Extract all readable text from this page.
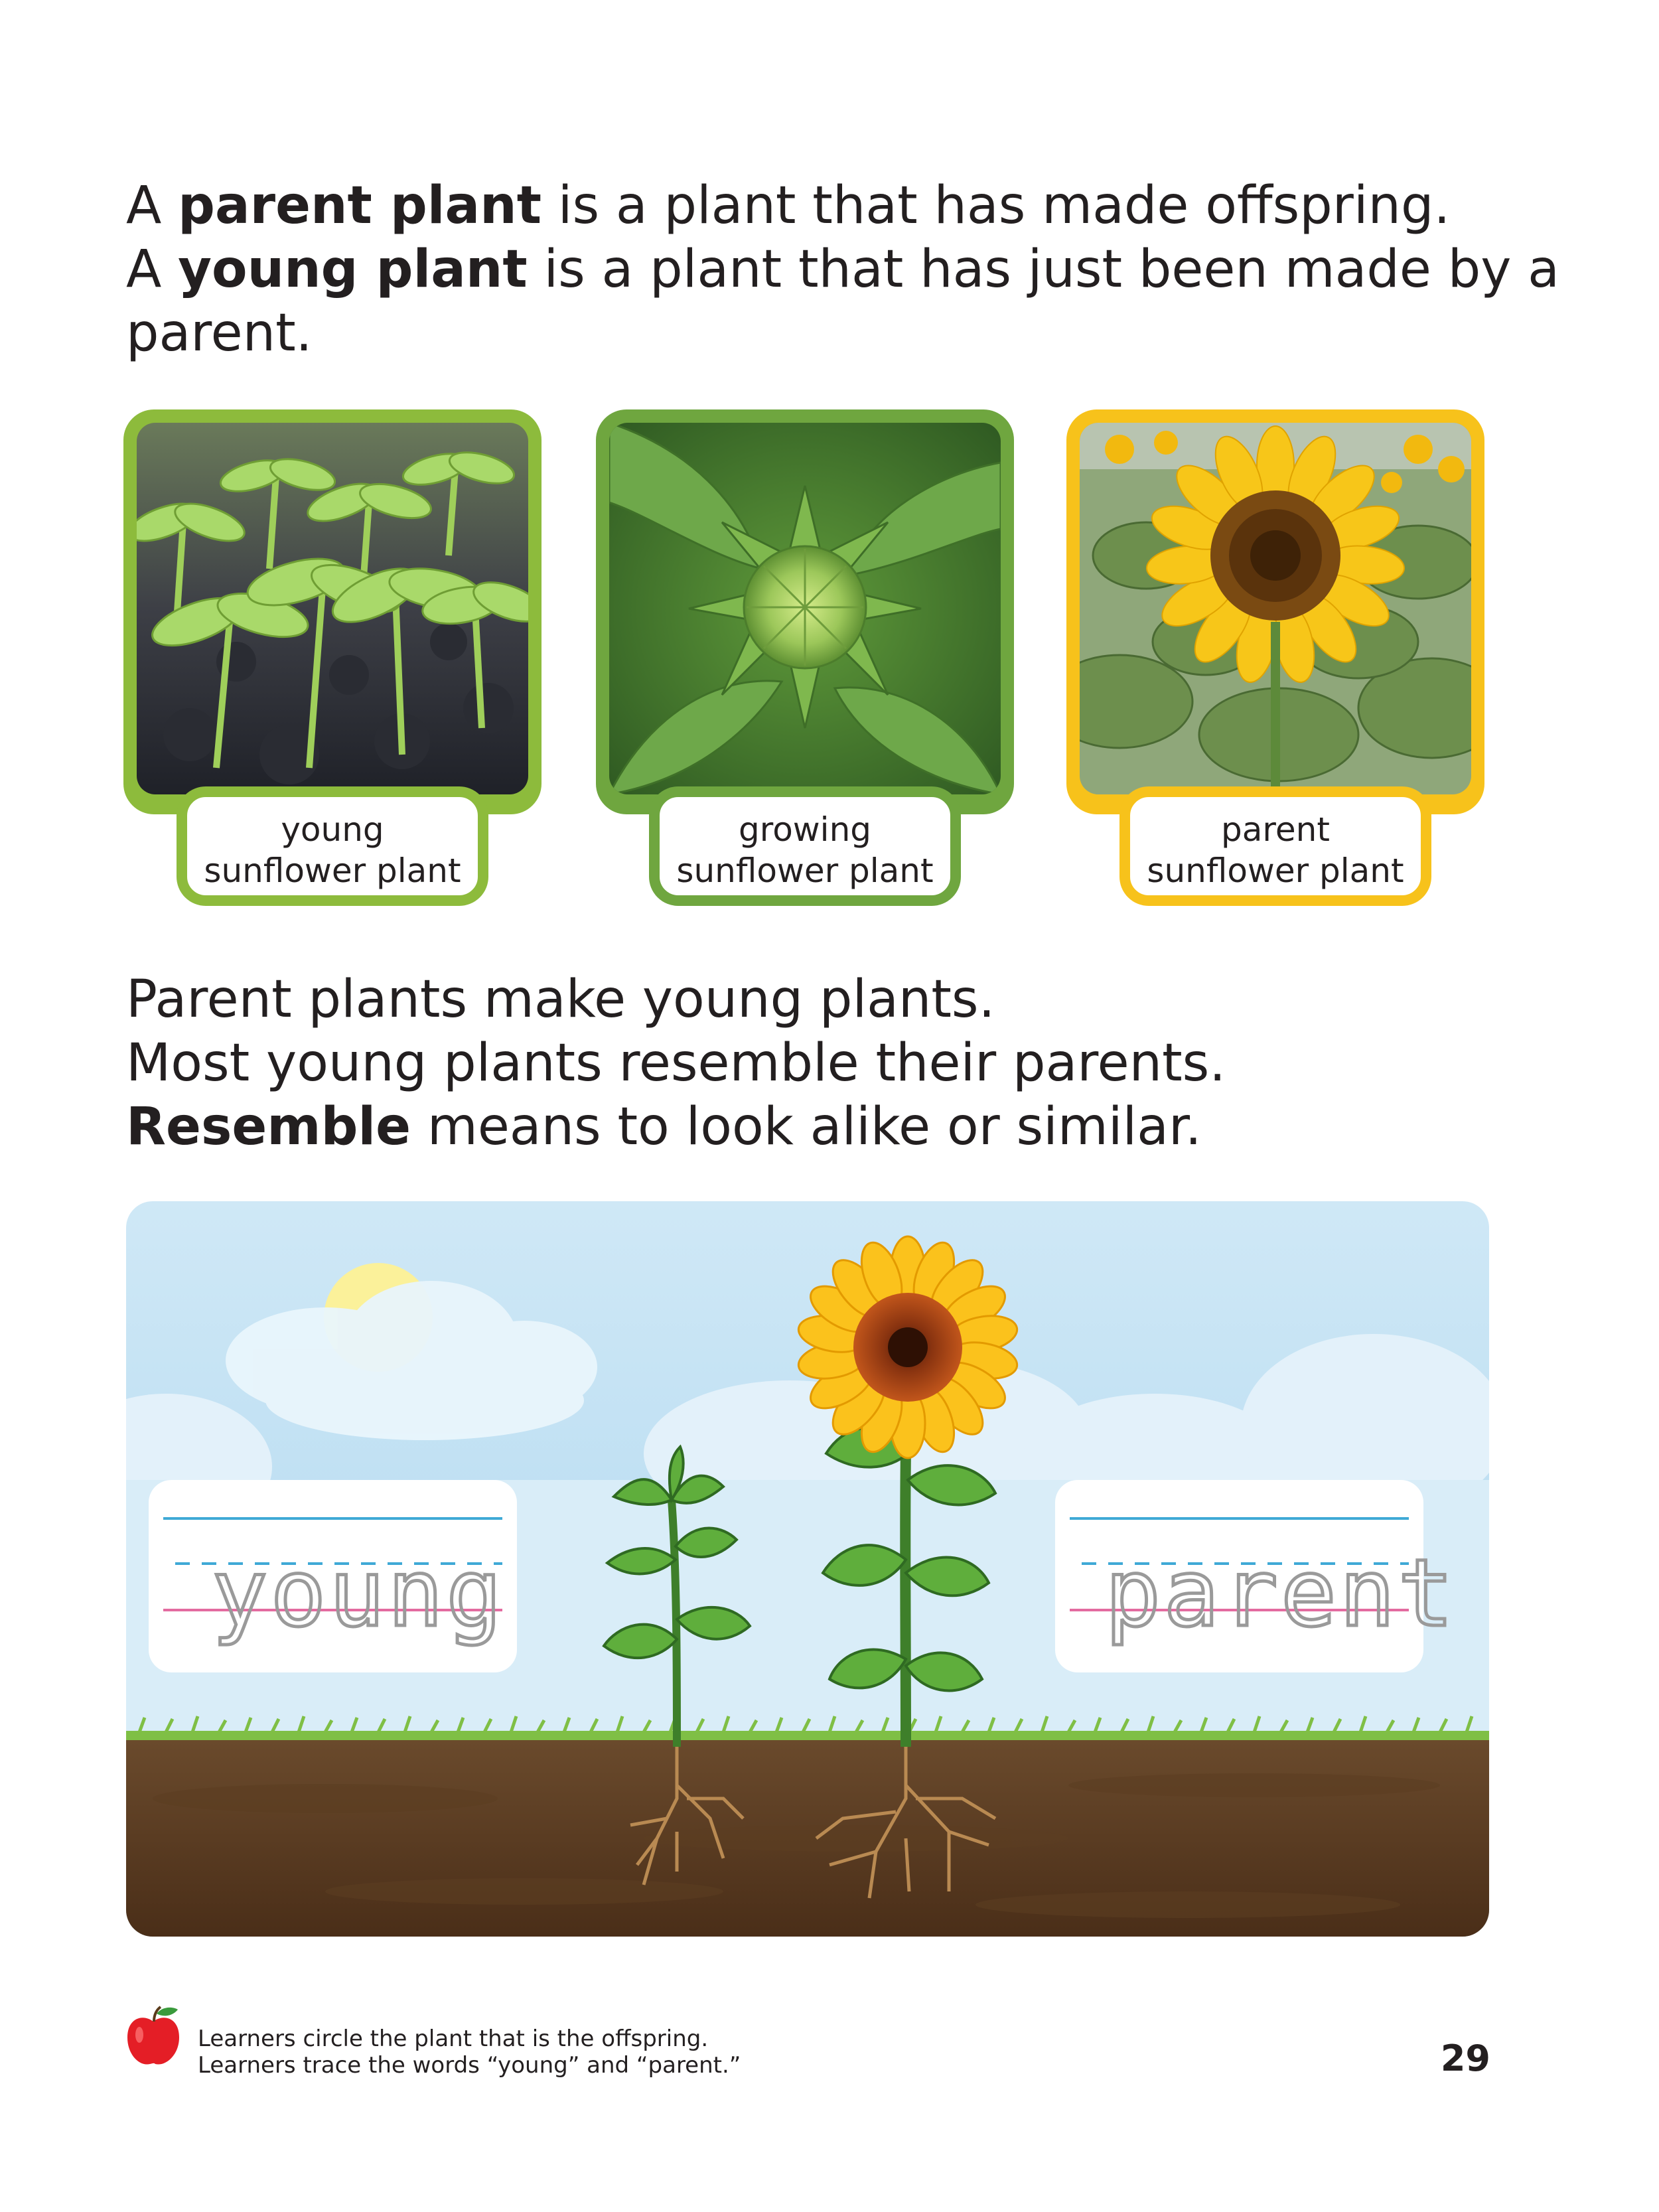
A parent plant is a plant that has made offspring.
A young plant is a plant that has just been made by a
parent.
young
sunflower plant
growing
sunflower plant
parent
sunflower plant
Parent plants make young plants.
Most young plants resemble their parents.
Resemble means to look alike or similar.
young	parent
Learners circle the plant that is the offspring.
Learners trace the words “young” and “parent.”	29
